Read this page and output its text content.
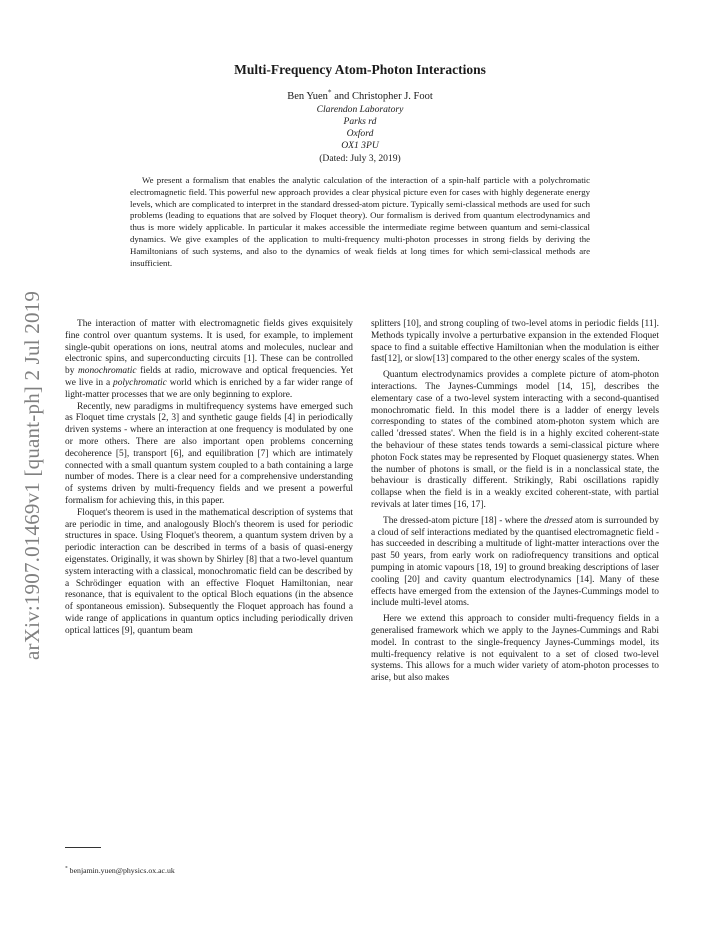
arXiv:1907.01469v1 [quant-ph] 2 Jul 2019
Multi-Frequency Atom-Photon Interactions
Ben Yuen* and Christopher J. Foot
Clarendon Laboratory
Parks rd
Oxford
OX1 3PU
(Dated: July 3, 2019)

We present a formalism that enables the analytic calculation of the interaction of a spin-half particle with a polychromatic electromagnetic field. This powerful new approach provides a clear physical picture even for cases with highly degenerate energy levels, which are complicated to interpret in the standard dressed-atom picture. Typically semi-classical methods are used for such problems (leading to equations that are solved by Floquet theory). Our formalism is derived from quantum electrodynamics and thus is more widely applicable. In particular it makes accessible the intermediate regime between quantum and semi-classical dynamics. We give examples of the application to multi-frequency multi-photon processes in strong fields by deriving the Hamiltonians of such systems, and also to the dynamics of weak fields at long times for which semi-classical methods are insufficient.

The interaction of matter with electromagnetic fields gives exquisitely fine control over quantum systems. It is used, for example, to implement single-qubit operations on ions, neutral atoms and molecules, nuclear and electronic spins, and superconducting circuits [1]. These can be controlled by monochromatic fields at radio, microwave and optical frequencies. Yet we live in a polychromatic world which is enriched by a far wider range of light-matter processes that we are only beginning to explore.

Recently, new paradigms in multifrequency systems have emerged such as Floquet time crystals [2, 3] and synthetic gauge fields [4] in periodically driven systems - where an interaction at one frequency is modulated by one or more others. There are also important open problems concerning decoherence [5], transport [6], and equilibration [7] which are intimately connected with a small quantum system coupled to a bath containing a large number of modes. There is a clear need for a comprehensive understanding of systems driven by multi-frequency fields and we present a powerful formalism for achieving this, in this paper.

Floquet's theorem is used in the mathematical description of systems that are periodic in time, and analogously Bloch's theorem is used for periodic structures in space. Using Floquet's theorem, a quantum system driven by a periodic interaction can be described in terms of a basis of quasi-energy eigenstates. Originally, it was shown by Shirley [8] that a two-level quantum system interacting with a classical, monochromatic field can be described by a Schrödinger equation with an effective Floquet Hamiltonian, near resonance, that is equivalent to the optical Bloch equations (in the absence of spontaneous emission). Subsequently the Floquet approach has found a wide range of applications in quantum optics including periodically driven optical lattices [9], quantum beam

splitters [10], and strong coupling of two-level atoms in periodic fields [11]. Methods typically involve a perturbative expansion in the extended Floquet space to find a suitable effective Hamiltonian when the modulation is either fast[12], or slow[13] compared to the other energy scales of the system.

Quantum electrodynamics provides a complete picture of atom-photon interactions. The Jaynes-Cummings model [14, 15], describes the elementary case of a two-level system interacting with a second-quantised monochromatic field. In this model there is a ladder of energy levels corresponding to states of the combined atom-photon system which are called 'dressed states'. When the field is in a highly excited coherent-state the behaviour of these states tends towards a semi-classical picture where photon Fock states may be represented by Floquet quasienergy states. When the number of photons is small, or the field is in a nonclassical state, the behaviour is drastically different. Strikingly, Rabi oscillations rapidly collapse when the field is in a weakly excited coherent-state, with partial revivals at later times [16, 17].

The dressed-atom picture [18] - where the dressed atom is surrounded by a cloud of self interactions mediated by the quantised electromagnetic field - has succeeded in describing a multitude of light-matter interactions over the past 50 years, from early work on radiofrequency transitions and optical pumping in atomic vapours [18, 19] to ground breaking descriptions of laser cooling [20] and cavity quantum electrodynamics [14]. Many of these effects have emerged from the extension of the Jaynes-Cummings model to include multi-level atoms.

Here we extend this approach to consider multi-frequency fields in a generalised framework which we apply to the Jaynes-Cummings and Rabi model. In contrast to the single-frequency Jaynes-Cummings model, its multi-frequency relative is not equivalent to a set of closed two-level systems. This allows for a much wider variety of atom-photon processes to arise, but also makes

* benjamin.yuen@physics.ox.ac.uk
